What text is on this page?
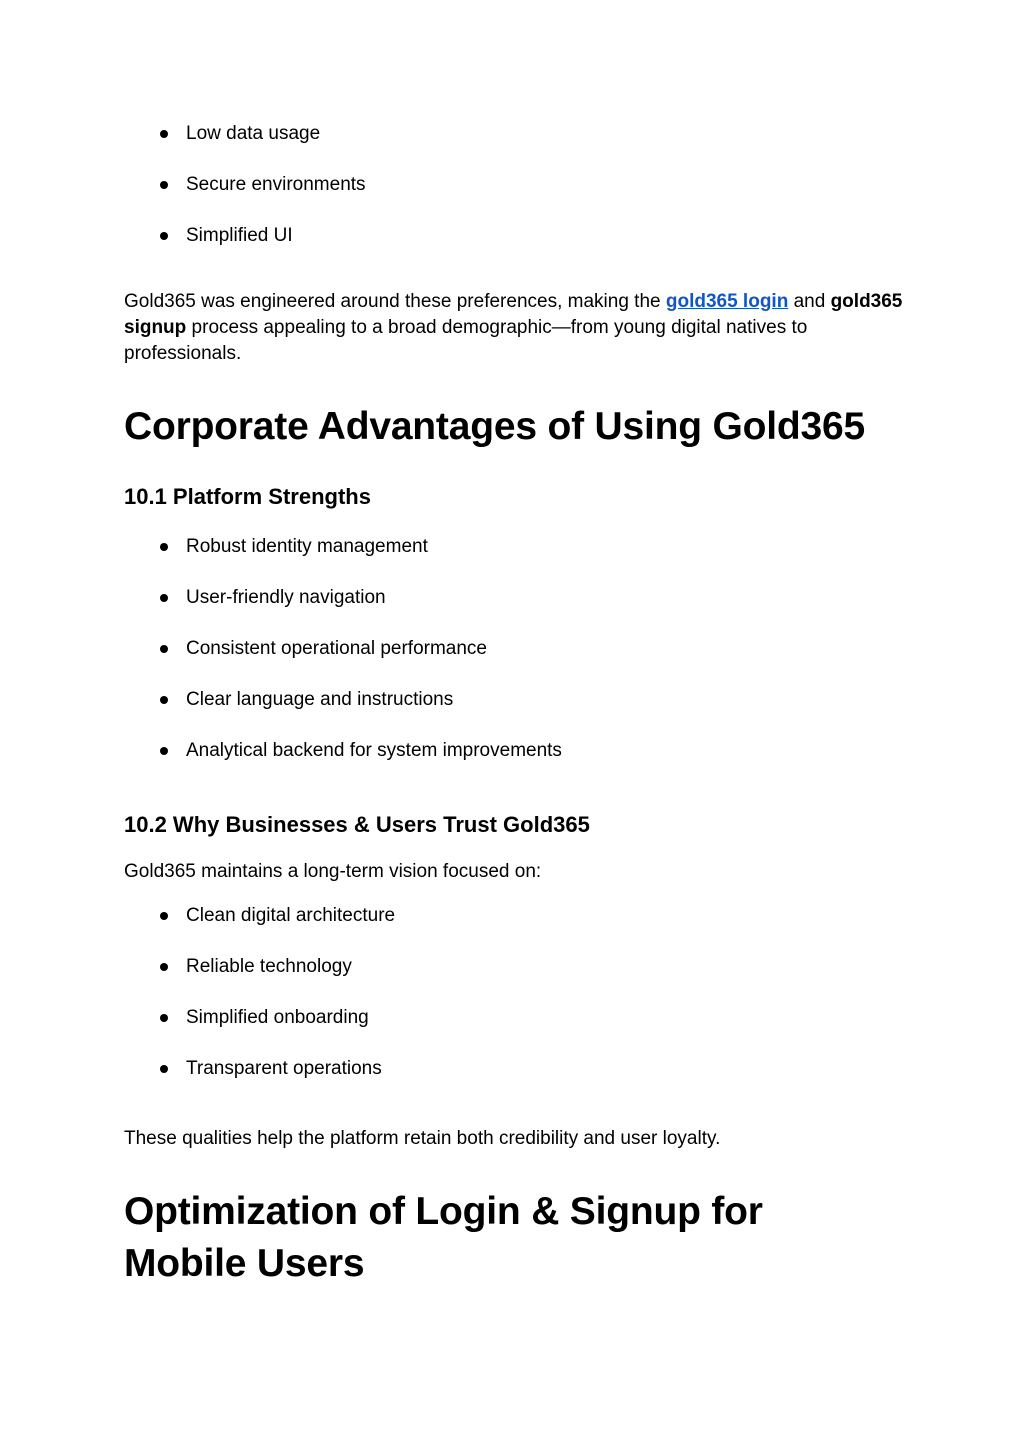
Low data usage
Secure environments
Simplified UI

Gold365 was engineered around these preferences, making the gold365 login and gold365 signup process appealing to a broad demographic—from young digital natives to professionals.

Corporate Advantages of Using Gold365
10.1 Platform Strengths
Robust identity management
User-friendly navigation
Consistent operational performance
Clear language and instructions
Analytical backend for system improvements
10.2 Why Businesses & Users Trust Gold365

Gold365 maintains a long-term vision focused on:

Clean digital architecture
Reliable technology
Simplified onboarding
Transparent operations

These qualities help the platform retain both credibility and user loyalty.

Optimization of Login & Signup for Mobile Users
